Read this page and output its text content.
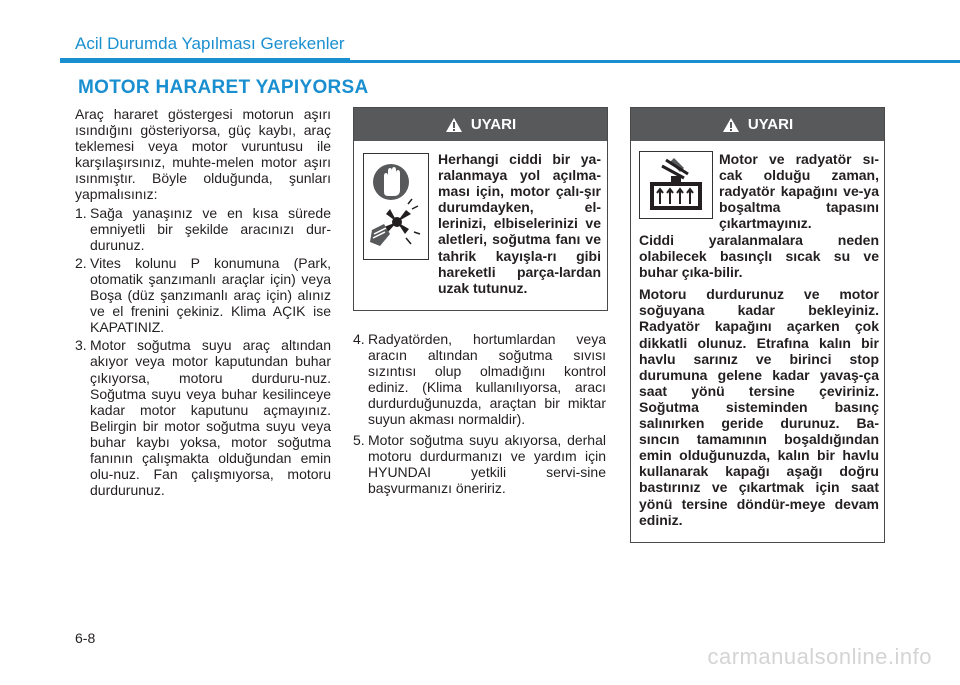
Acil Durumda Yapılması Gerekenler
MOTOR HARARET YAPIYORSA

Araç hararet göstergesi motorun aşırı ısındığını gösteriyorsa, güç kaybı, araç teklemesi veya motor vuruntusu ile karşılaşırsınız, muhte-melen motor aşırı ısınmıştır. Böyle olduğunda, şunları yapmalısınız:

1. Sağa yanaşınız ve en kısa sürede emniyetli bir şekilde aracınızı dur-durunuz.
2. Vites kolunu P konumuna (Park, otomatik şanzımanlı araçlar için) veya Boşa (düz şanzımanlı araç için) alınız ve el frenini çekiniz. Klima AÇIK ise KAPATINIZ.
3. Motor soğutma suyu araç altından akıyor veya motor kaputundan buhar çıkıyorsa, motoru durduru-nuz. Soğutma suyu veya buhar kesilinceye kadar motor kaputunu açmayınız. Belirgin bir motor soğutma suyu veya buhar kaybı yoksa, motor soğutma fanının çalışmakta olduğundan emin olu-nuz. Fan çalışmıyorsa, motoru durdurunuz.
UYARI
Herhangi ciddi bir ya-ralanmaya yol açılma-ması için, motor çalı-şır durumdayken, el-lerinizi, elbiselerinizi ve aletleri, soğutma fanı ve tahrik kayışla-rı gibi hareketli parça-lardan uzak tutunuz.
4. Radyatörden, hortumlardan veya aracın altından soğutma sıvısı sızıntısı olup olmadığını kontrol ediniz. (Klima kullanılıyorsa, aracı durdurduğunuzda, araçtan bir miktar suyun akması normaldir).
5. Motor soğutma suyu akıyorsa, derhal motoru durdurmanızı ve yardım için HYUNDAI yetkili servi-sine başvurmanızı öneririz.
UYARI
Motor ve radyatör sı-cak olduğu zaman, radyatör kapağını ve-ya boşaltma tapasını çıkartmayınız.

Ciddi yaralanmalara neden olabilecek basınçlı sıcak su ve buhar çıka-bilir.

Motoru durdurunuz ve motor soğuyana kadar bekleyiniz. Radyatör kapağını açarken çok dikkatli olunuz. Etrafına kalın bir havlu sarınız ve birinci stop durumuna gelene kadar yavaş-ça saat yönü tersine çeviriniz. Soğutma sisteminden basınç salınırken geride durunuz. Ba-sıncın tamamının boşaldığından emin olduğunuzda, kalın bir havlu kullanarak kapağı aşağı doğru bastırınız ve çıkartmak için saat yönü tersine döndür-meye devam ediniz.

6-8
carmanualsonline.info
